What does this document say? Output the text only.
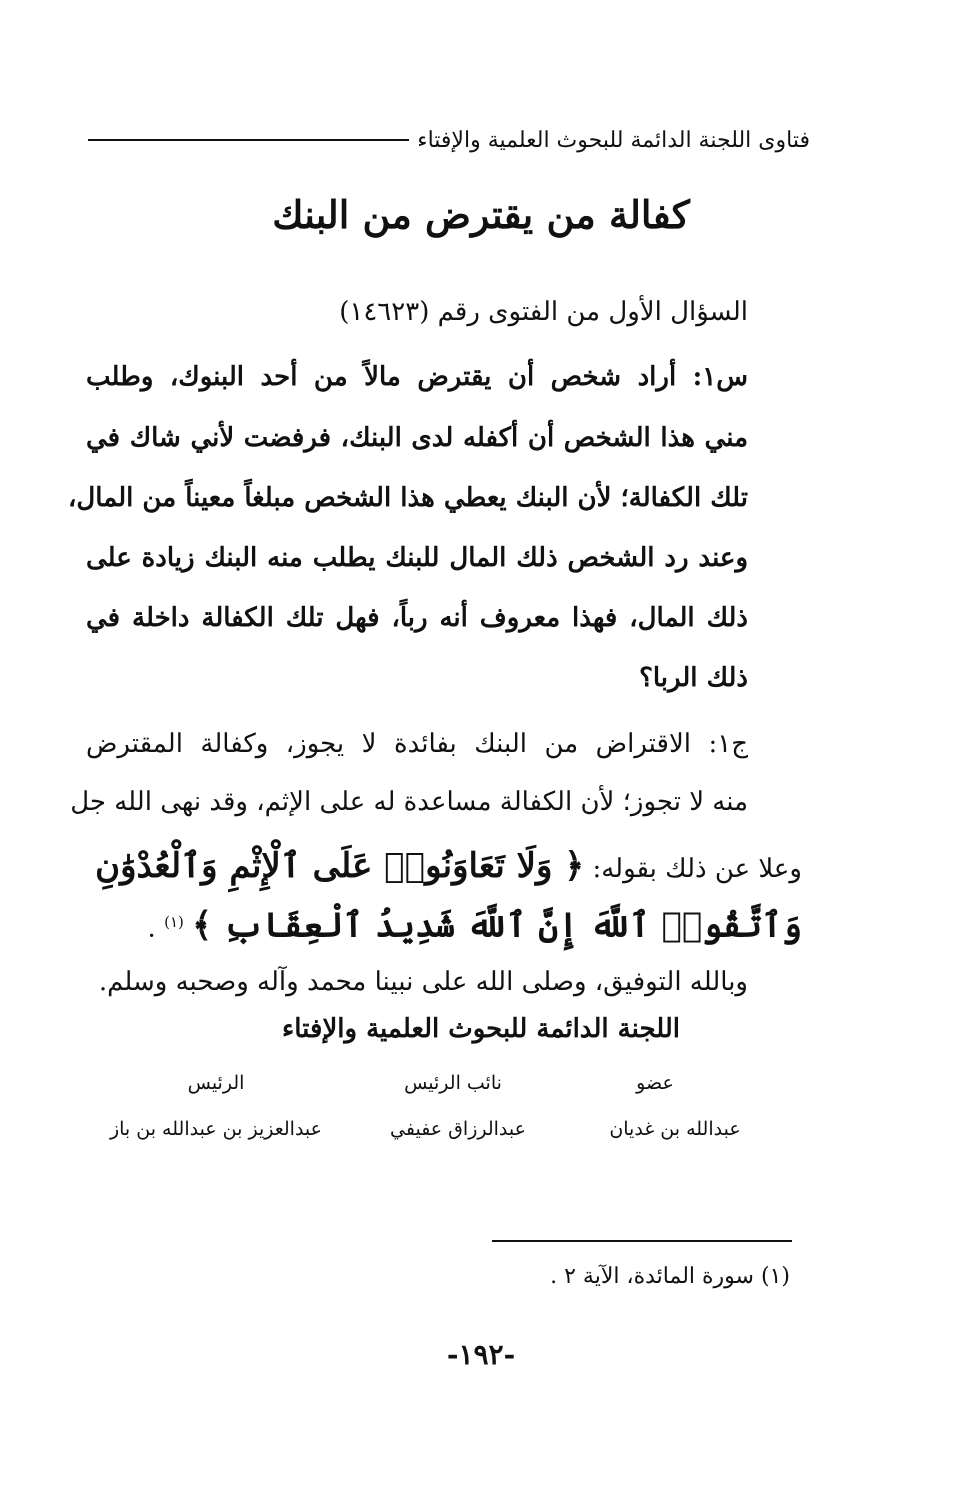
فتاوى اللجنة الدائمة للبحوث العلمية والإفتاء
كفالة من يقترض من البنك
السؤال الأول من الفتوى رقم (١٤٦٢٣)
س١: أراد شخص أن يقترض مالاً من أحد البنوك، وطلب
مني هذا الشخص أن أكفله لدى البنك، فرفضت لأني شاك في
تلك الكفالة؛ لأن البنك يعطي هذا الشخص مبلغاً معيناً من المال،
وعند رد الشخص ذلك المال للبنك يطلب منه البنك زيادة على
ذلك المال، فهذا معروف أنه رباً، فهل تلك الكفالة داخلة في
ذلك الربا؟
ج١: الاقتراض من البنك بفائدة لا يجوز، وكفالة المقترض
منه لا تجوز؛ لأن الكفالة مساعدة له على الإثم، وقد نهى الله جل
وعلا عن ذلك بقوله: ﴿ وَلَا تَعَاوَنُوا۟ عَلَى ٱلْإِثْمِ وَٱلْعُدْوَٰنِ
وَٱتَّقُوا۟ ٱللَّهَ إِنَّ ٱللَّهَ شَدِيدُ ٱلْعِقَابِ ﴾ $^{(١)}$ .
وبالله التوفيق، وصلى الله على نبينا محمد وآله وصحبه وسلم.
اللجنة الدائمة للبحوث العلمية والإفتاء
عضو
نائب الرئيس
الرئيس
عبدالله بن غديان
عبدالرزاق عفيفي
عبدالعزيز بن عبدالله بن باز
(١) سورة المائدة، الآية ٢ .
-١٩٢-
